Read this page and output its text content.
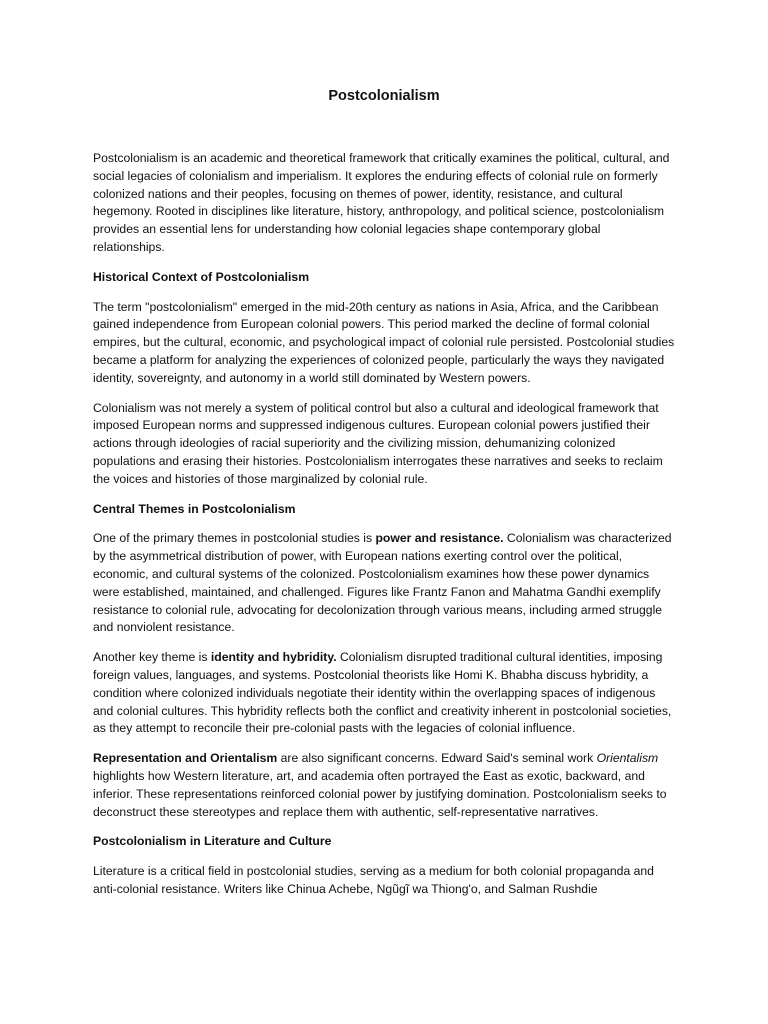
Postcolonialism

Postcolonialism is an academic and theoretical framework that critically examines the political, cultural, and social legacies of colonialism and imperialism. It explores the enduring effects of colonial rule on formerly colonized nations and their peoples, focusing on themes of power, identity, resistance, and cultural hegemony. Rooted in disciplines like literature, history, anthropology, and political science, postcolonialism provides an essential lens for understanding how colonial legacies shape contemporary global relationships.

Historical Context of Postcolonialism

The term "postcolonialism" emerged in the mid-20th century as nations in Asia, Africa, and the Caribbean gained independence from European colonial powers. This period marked the decline of formal colonial empires, but the cultural, economic, and psychological impact of colonial rule persisted. Postcolonial studies became a platform for analyzing the experiences of colonized people, particularly the ways they navigated identity, sovereignty, and autonomy in a world still dominated by Western powers.

Colonialism was not merely a system of political control but also a cultural and ideological framework that imposed European norms and suppressed indigenous cultures. European colonial powers justified their actions through ideologies of racial superiority and the civilizing mission, dehumanizing colonized populations and erasing their histories. Postcolonialism interrogates these narratives and seeks to reclaim the voices and histories of those marginalized by colonial rule.

Central Themes in Postcolonialism

One of the primary themes in postcolonial studies is power and resistance. Colonialism was characterized by the asymmetrical distribution of power, with European nations exerting control over the political, economic, and cultural systems of the colonized. Postcolonialism examines how these power dynamics were established, maintained, and challenged. Figures like Frantz Fanon and Mahatma Gandhi exemplify resistance to colonial rule, advocating for decolonization through various means, including armed struggle and nonviolent resistance.

Another key theme is identity and hybridity. Colonialism disrupted traditional cultural identities, imposing foreign values, languages, and systems. Postcolonial theorists like Homi K. Bhabha discuss hybridity, a condition where colonized individuals negotiate their identity within the overlapping spaces of indigenous and colonial cultures. This hybridity reflects both the conflict and creativity inherent in postcolonial societies, as they attempt to reconcile their pre-colonial pasts with the legacies of colonial influence.

Representation and Orientalism are also significant concerns. Edward Said's seminal work Orientalism highlights how Western literature, art, and academia often portrayed the East as exotic, backward, and inferior. These representations reinforced colonial power by justifying domination. Postcolonialism seeks to deconstruct these stereotypes and replace them with authentic, self-representative narratives.

Postcolonialism in Literature and Culture

Literature is a critical field in postcolonial studies, serving as a medium for both colonial propaganda and anti-colonial resistance. Writers like Chinua Achebe, Ngũgĩ wa Thiong'o, and Salman Rushdie
